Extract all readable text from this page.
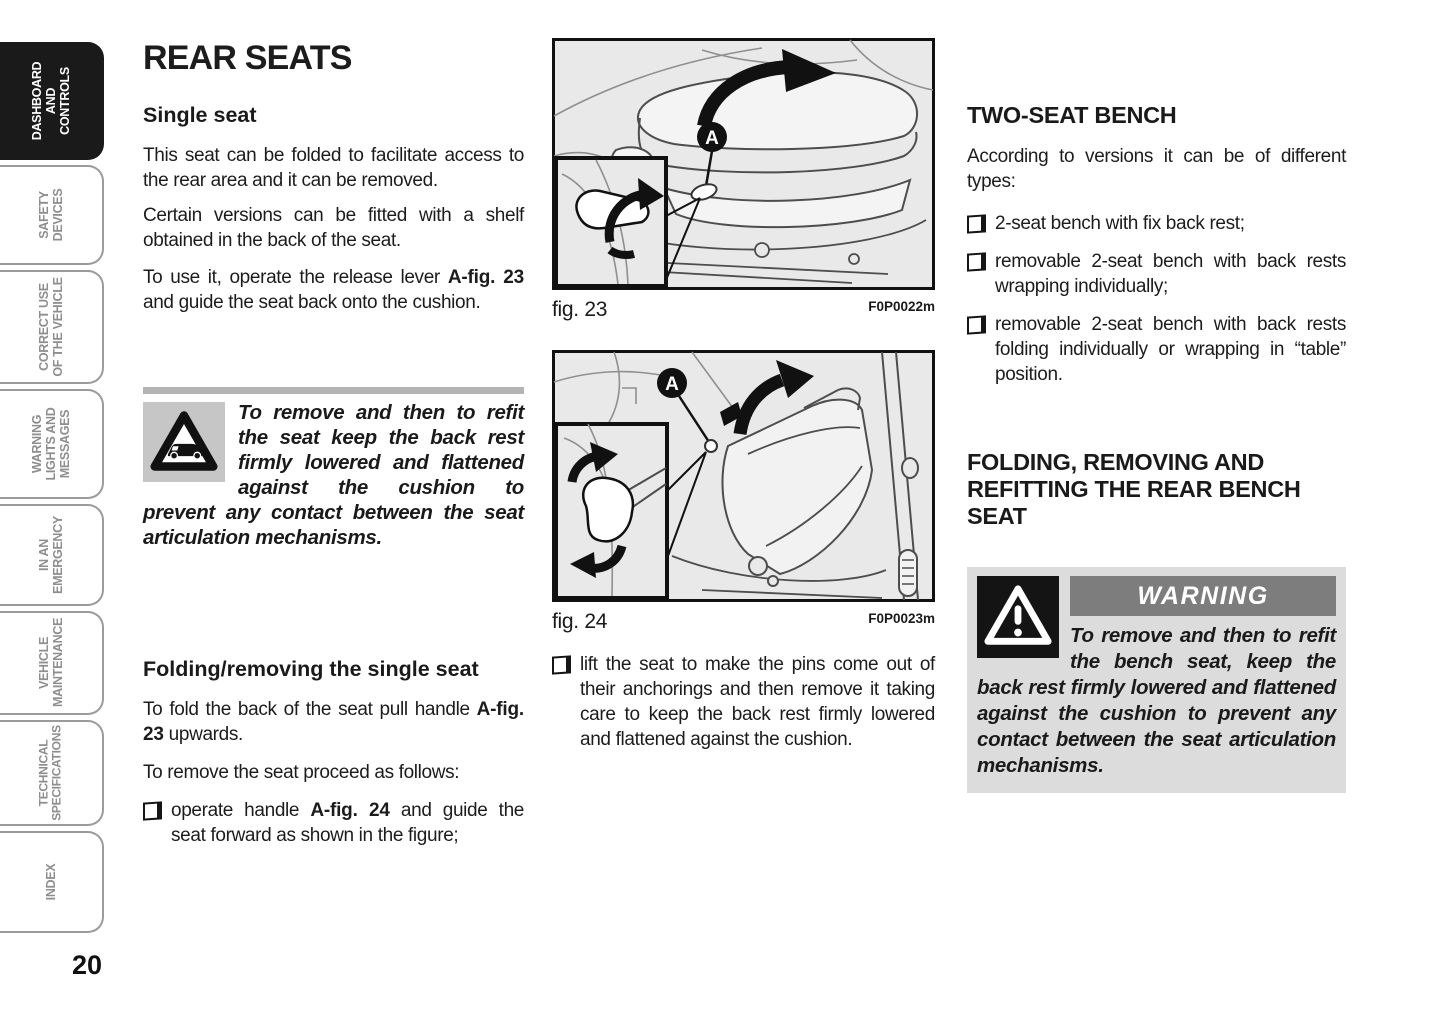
DASHBOARD AND CONTROLS
SAFETY DEVICES
CORRECT USE OF THE VEHICLE
WARNING LIGHTS AND MESSAGES
IN AN EMERGENCY
VEHICLE MAINTENANCE
TECHNICAL SPECIFICATIONS
INDEX
20
REAR SEATS
Single seat

This seat can be folded to facilitate access to the rear area and it can be removed.

Certain versions can be fitted with a shelf obtained in the back of the seat.

To use it, operate the release lever A-fig. 23 and guide the seat back onto the cushion.

To remove and then to refit the seat keep the back rest firmly lowered and flattened against the cushion to prevent any contact between the seat articulation mechanisms.

Folding/removing the single seat

To fold the back of the seat pull handle A-fig. 23 upwards.

To remove the seat proceed as follows:

operate handle A-fig. 24 and guide the seat forward as shown in the figure;

A
fig. 23	F0P0022m
A
fig. 24	F0P0023m

lift the seat to make the pins come out of their anchorings and then remove it taking care to keep the back rest firmly lowered and flattened against the cushion.

TWO-SEAT BENCH

According to versions it can be of different types:

2-seat bench with fix back rest;

removable 2-seat bench with back rests wrapping individually;

removable 2-seat bench with back rests folding individually or wrapping in “table” position.

FOLDING, REMOVING AND REFITTING THE REAR BENCH SEAT
WARNING

To remove and then to refit the bench seat, keep the back rest firmly lowered and flattened against the cushion to prevent any contact between the seat articulation mechanisms.
